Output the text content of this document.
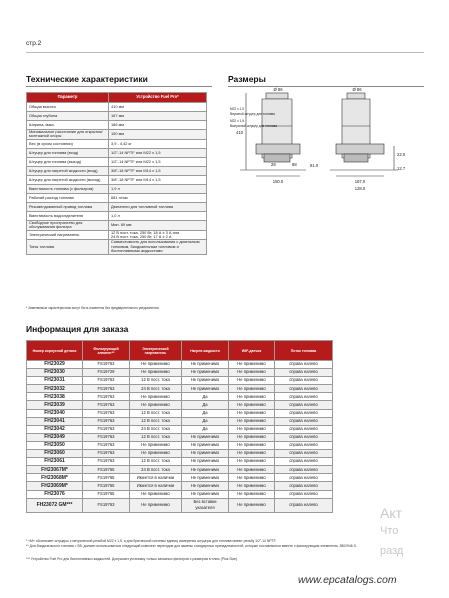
стр.2
Технические характеристики	Размеры
Параметр	Устройство Fuel Pro*
Общая высота	410 мм
Общая глубина	167 мм
Ширина, макс.	186 мм
Минимальное расстояние для открытия/ монтажной опоры	150 мм
Вес (в сухом состоянии)	3,9 - 4,42 кг
Штуцер для топлива (вход)	1/2"-14 NPTF или M22 x 1,5
Штуцер для топлива (выход)	1/2"-14 NPTF или M22 x 1,5
Штуцер для нагретой жидкости (вход)	3/8"-18 NPTF или M14 x 1,5
Штуцер для нагретой жидкости (выход)	3/8"-18 NPTF или M14 x 1,5
Вместимость топлива (с фильтром)	1,9 л
Рабочий расход топлива	681 л/час
Рекомендованный привод топлива	Двигатели для топливной топлива
Вместимость водоотделителя	1,0 л
Свободное пространство для обслуживания фильтра	Мин. 89 мм
Электрический нагреватель	12 В пост. тока, 250 Вт, 18 А ± 3 А или
24 В пост. тока, 250 Вт, 17 А ± 2 А
Типы топлива	Совместимость для использования с дизельным топливом, биодизельным топливом и биотопливными жидкостями
* Заменяемые характеристики могут быть изменены без предварительного уведомления.
Ø 86
M22 x 1,5
Впускной штуцер для топлива
M22 x 1,5
Выпускной штуцер для топлива
410
150.0
91.0
28	88
Ø 86
22.0
12.7
167.0
128.0
Информация для заказа
Номер корпусной детали	Фильтрующий элемент**	Электрический нагреватель	Нагрев жидкости	WIF-датчик	Поток топлива
FH23029	FS19763	Не применимо	Не применимо	Не применимо	справа налево
FH23030	FS19729	Не применимо	Не применимо	Не применимо	справа налево
FH23031	FS19763	12 В пост. тока	Не применимо	Не применимо	справа налево
FH23032	FS19763	24 В пост. тока	Не применимо	Не применимо	справа налево
FH23038	FS19763	Не применимо	Да	Не применимо	справа налево
FH23039	FS19763	Не применимо	Да	Не применимо	справа налево
FH23040	FS19763	12 В пост. тока	Да	Не применимо	справа налево
FH23041	FS19763	12 В пост. тока	Да	Не применимо	справа налево
FH23042	FS19763	24 В пост. тока	Да	Не применимо	справа налево
FH23049	FS19763	12 В пост. тока	Не применимо	Не применимо	справа налево
FH23050	FS19763	Не применимо	Не применимо	Не применимо	справа налево
FH23060	FS19763	Не применимо	Не применимо	Не применимо	справа налево
FH23061	FS19763	12 В пост. тока	Не применимо	Не применимо	справа налево
FH23067M*	FS19765	24 В пост. тока	Не применимо	Не применимо	справа налево
FH23068M*	FS19765	Имеется в наличии	Не применимо	Не применимо	справа налево
FH23069M*	FS19765	Имеется в наличии	Не применимо	Не применимо	справа налево
FH23076	FS19765	Не применимо	Не применимо	Не применимо	справа налево
FH23072 GM***	FS19763	Не применимо	Без вставки указателя	Не применимо	справа налево
* «M» обозначает штуцеры с метрической резьбой M22 x 1,5, а для британской системы единиц измерения штуцеры для топлива имеют резьбу 1/2"-14 NPTF.
** Для биодизельного топлива > B5, должен использоваться следующий комплект переходов для замены стандартных принадлежностей, которые поставляются вместе с фильтрующим элементом, 3802946 S.
*** Устройство Fuel Pro для биотопливных жидкостей. Допускают установку только запасных фильтров с размером в плюс (Plus Size).
Акт
Что
разд
www.epcatalogs.com
